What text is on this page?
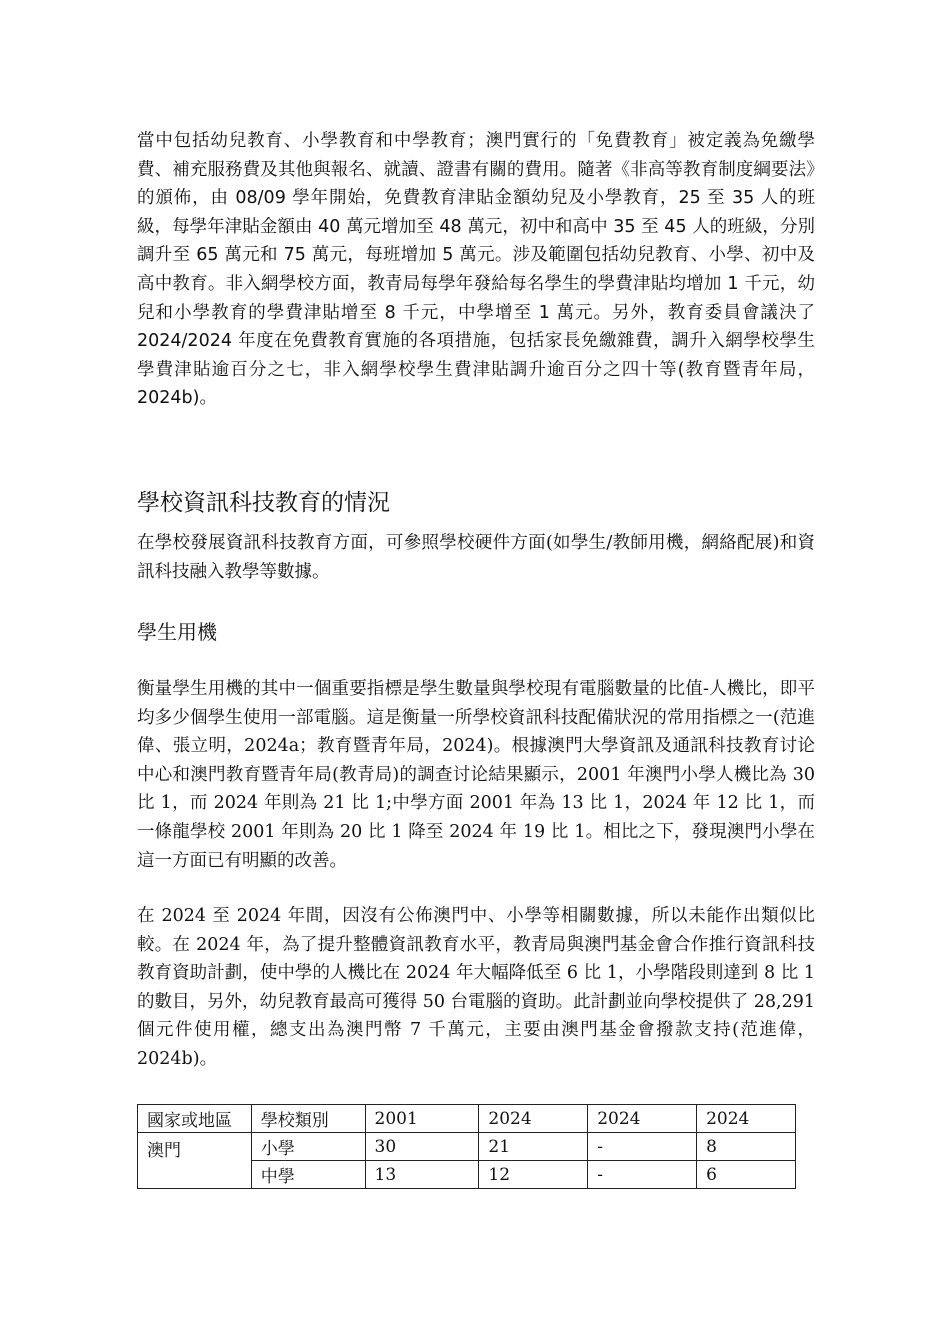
當中包括幼兒教育、小學教育和中學教育；澳門實行的「免費教育」被定義為免繳學費、補充服務費及其他與報名、就讀、證書有關的費用。隨著《非高等教育制度綱要法》的頒佈，由 08/09 學年開始，免費教育津貼金額幼兒及小學教育，25 至 35 人的班級，每學年津貼金額由 40 萬元增加至 48 萬元，初中和高中 35 至 45 人的班級，分別調升至 65 萬元和 75 萬元，每班增加 5 萬元。涉及範圍包括幼兒教育、小學、初中及高中教育。非入網學校方面，教青局每學年發給每名學生的學費津貼均增加 1 千元，幼兒和小學教育的學費津貼增至 8 千元，中學增至 1 萬元。另外，教育委員會議決了 2024/2024 年度在免費教育實施的各項措施，包括家長免繳雜費，調升入網學校學生學費津貼逾百分之七，非入網學校學生費津貼調升逾百分之四十等(教育暨青年局，2024b)。

學校資訊科技教育的情況

在學校發展資訊科技教育方面，可參照學校硬件方面(如學生/教師用機，網絡配展)和資訊科技融入教學等數據。

學生用機

衡量學生用機的其中一個重要指標是學生數量與學校現有電腦數量的比值-人機比，即平均多少個學生使用一部電腦。這是衡量一所學校資訊科技配備狀況的常用指標之一(范進偉、張立明，2024a；教育暨青年局，2024)。根據澳門大學資訊及通訊科技教育讨论中心和澳門教育暨青年局(教青局)的調查讨论結果顯示，2001 年澳門小學人機比為 30 比 1，而 2024 年則為 21 比 1;中學方面 2001 年為 13 比 1，2024 年 12 比 1，而一條龍學校 2001 年則為 20 比 1 降至 2024 年 19 比 1。相比之下，發現澳門小學在這一方面已有明顯的改善。

在 2024 至 2024 年間，因沒有公佈澳門中、小學等相關數據，所以未能作出類似比較。在 2024 年，為了提升整體資訊教育水平，教青局與澳門基金會合作推行資訊科技教育資助計劃，使中學的人機比在 2024 年大幅降低至 6 比 1，小學階段則達到 8 比 1 的數目，另外，幼兒教育最高可獲得 50 台電腦的資助。此計劃並向學校提供了 28,291 個元件使用權，總支出為澳門幣 7 千萬元，主要由澳門基金會撥款支持(范進偉，2024b)。

國家或地區	學校類別	2001	2024	2024	2024
澳門	小學	30	21	-	8
	中學	13	12	-	6
